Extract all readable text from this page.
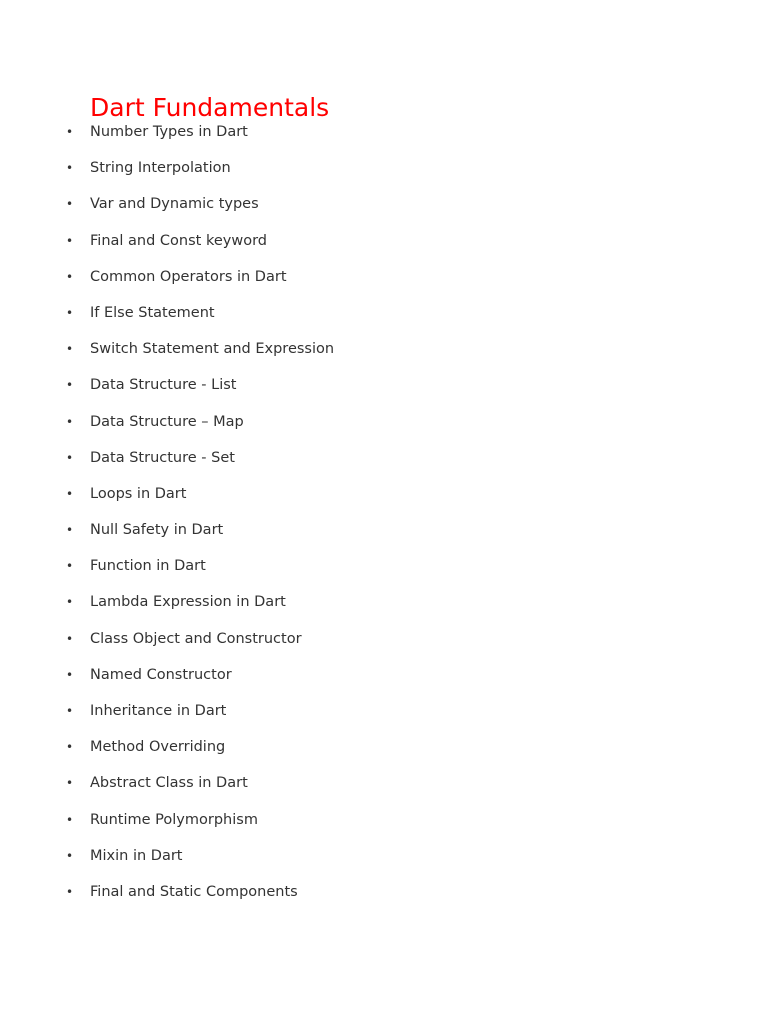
Dart Fundamentals
• Number Types in Dart
• String Interpolation
• Var and Dynamic types
• Final and Const keyword
• Common Operators in Dart
• If Else Statement
• Switch Statement and Expression
• Data Structure - List
• Data Structure – Map
• Data Structure - Set
• Loops in Dart
• Null Safety in Dart
• Function in Dart
• Lambda Expression in Dart
• Class Object and Constructor
• Named Constructor
• Inheritance in Dart
• Method Overriding
• Abstract Class in Dart
• Runtime Polymorphism
• Mixin in Dart
• Final and Static Components
